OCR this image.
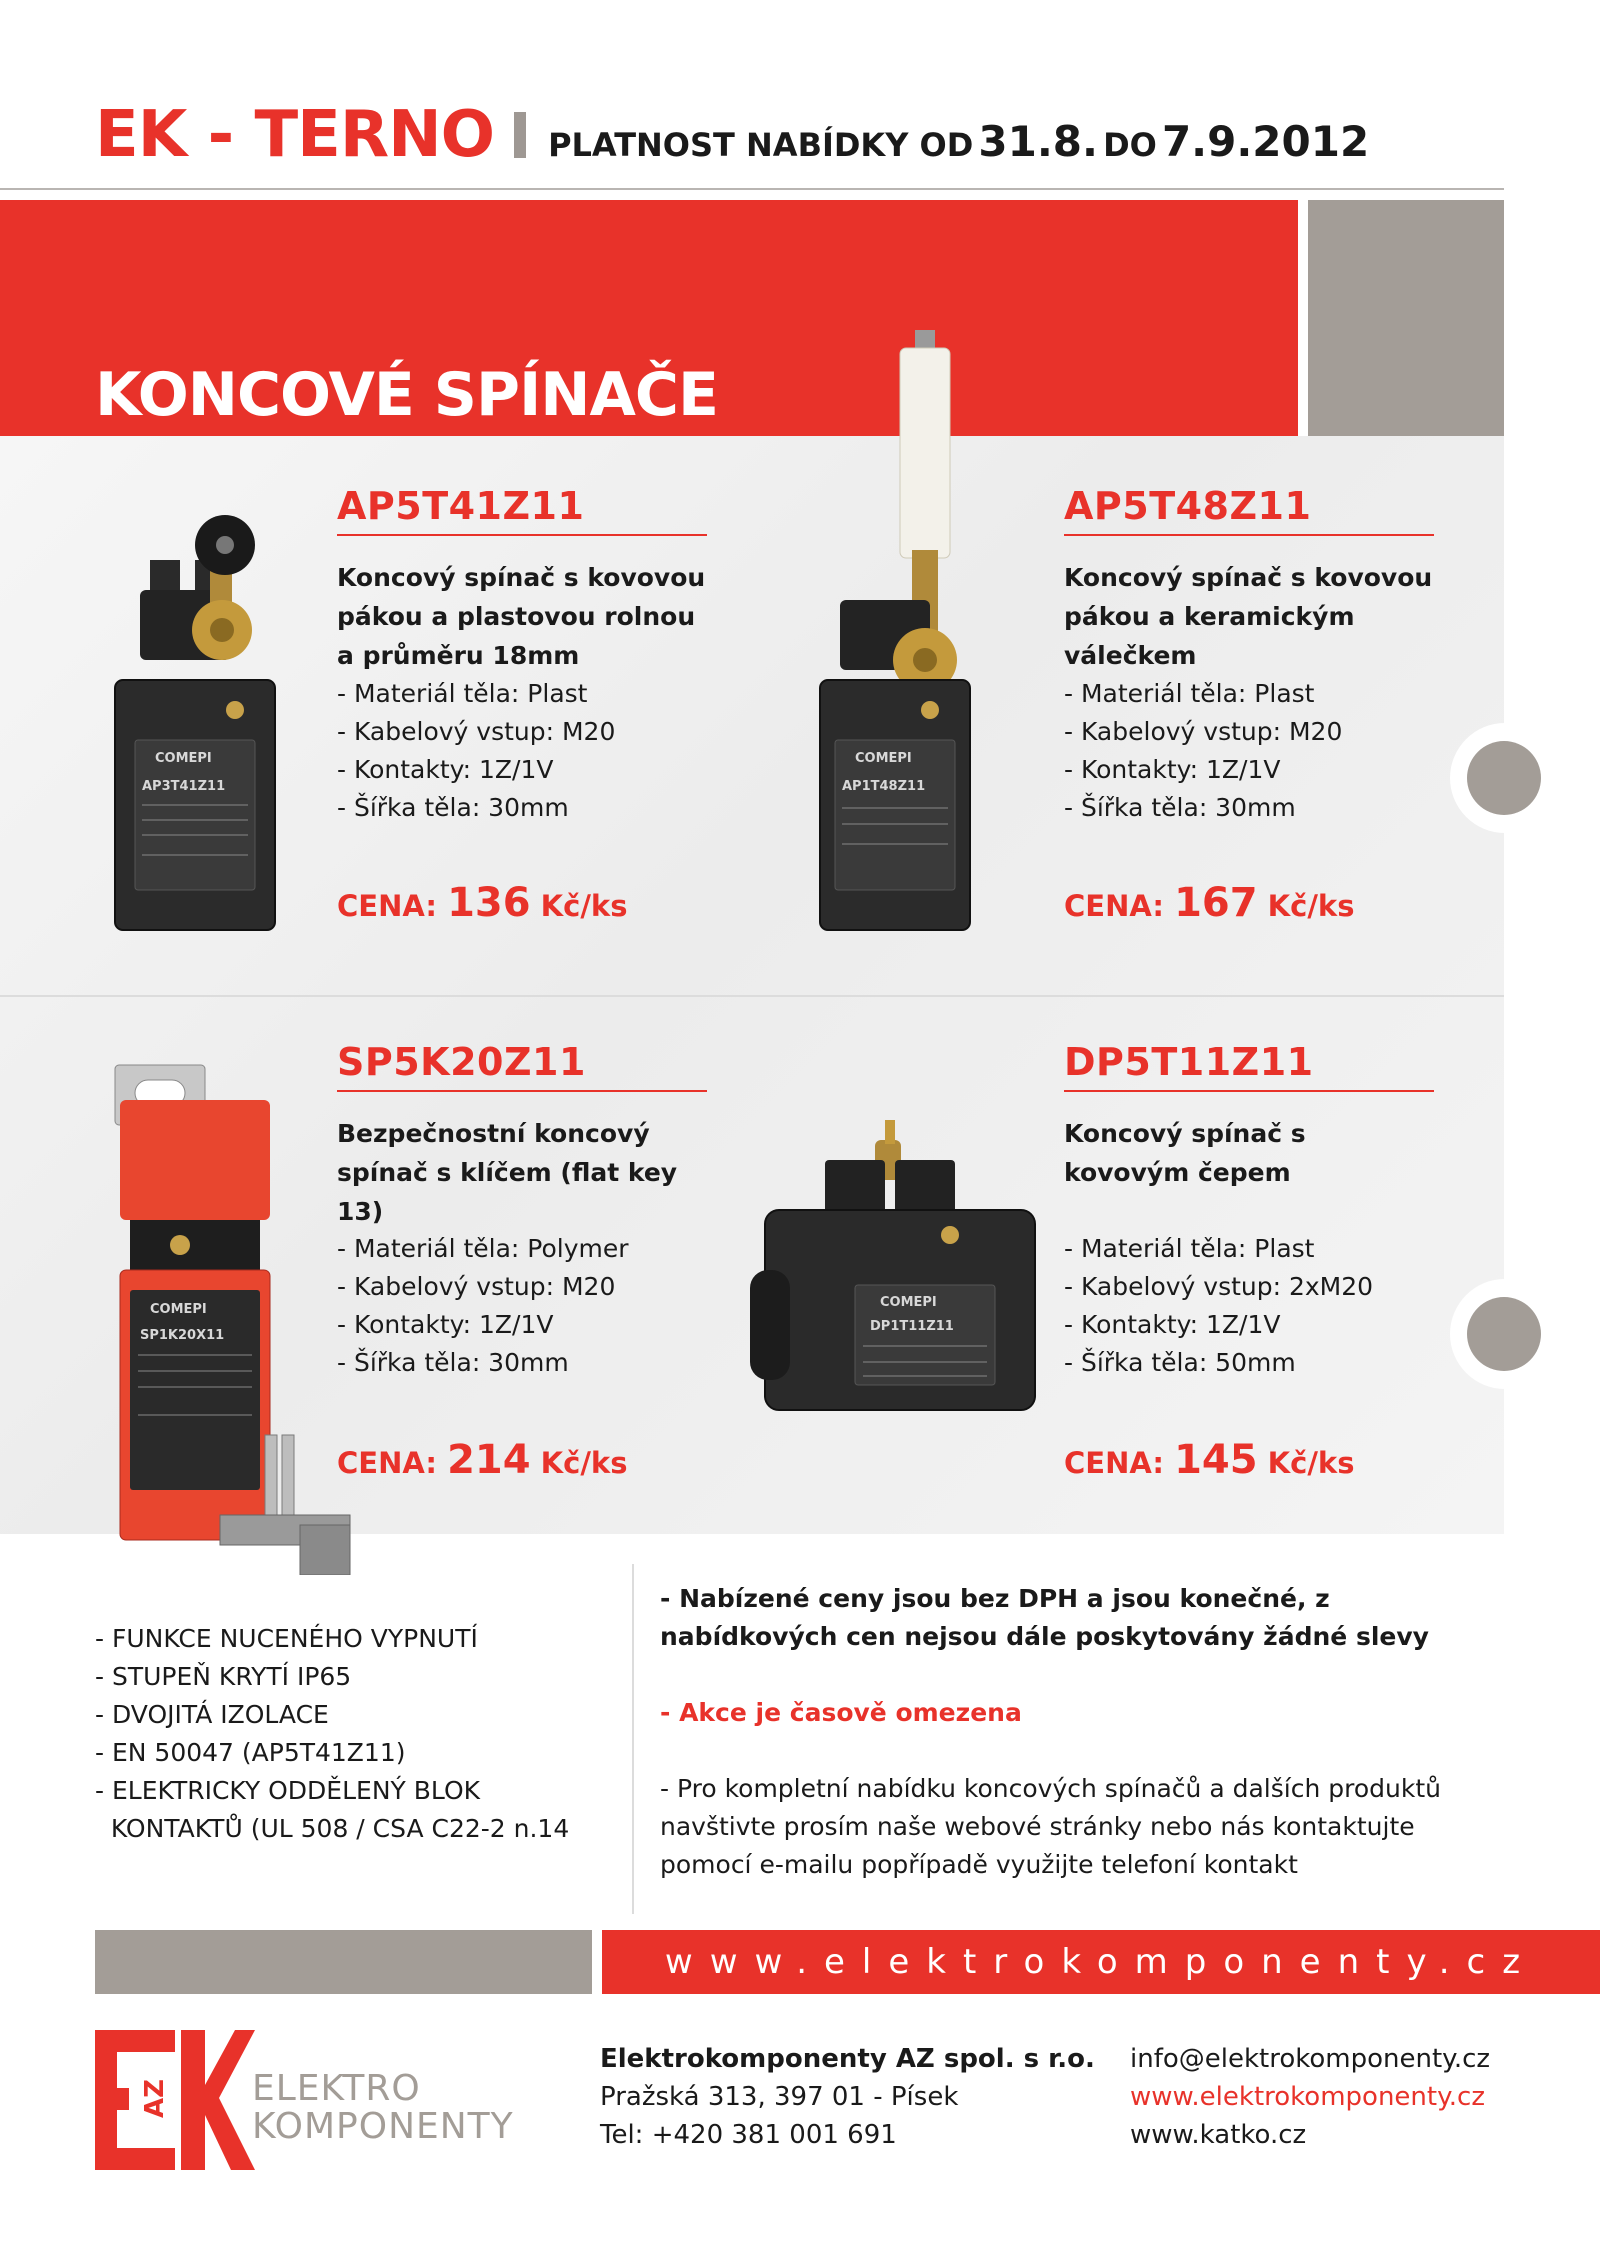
EK - TERNO PLATNOST NABÍDKY OD 31.8. DO 7.9.2012
KONCOVÉ SPÍNAČE
COMEPI
AP3T41Z11
COMEPI
AP1T48Z11
COMEPI
SP1K20X11
COMEPI
DP1T11Z11
AP5T41Z11
Koncový spínač s kovovou pákou a plastovou rolnou a průměru 18mm
- Materiál těla: Plast
- Kabelový vstup: M20
- Kontakty: 1Z/1V
- Šířka těla: 30mm
CENA: 136 Kč/ks
AP5T48Z11
Koncový spínač s kovovou pákou a keramickým válečkem
- Materiál těla: Plast
- Kabelový vstup: M20
- Kontakty: 1Z/1V
- Šířka těla: 30mm
CENA: 167 Kč/ks
SP5K20Z11
Bezpečnostní koncový spínač s klíčem (flat key 13)
- Materiál těla: Polymer
- Kabelový vstup: M20
- Kontakty: 1Z/1V
- Šířka těla: 30mm
CENA: 214 Kč/ks
DP5T11Z11
Koncový spínač s kovovým čepem
- Materiál těla: Plast
- Kabelový vstup: 2xM20
- Kontakty: 1Z/1V
- Šířka těla: 50mm
CENA: 145 Kč/ks
- FUNKCE NUCENÉHO VYPNUTÍ
- STUPEŇ KRYTÍ IP65
- DVOJITÁ IZOLACE
- EN 50047 (AP5T41Z11)
- ELEKTRICKY ODDĚLENÝ BLOK
KONTAKTŮ (UL 508 / CSA C22-2 n.14
- Nabízené ceny jsou bez DPH a jsou konečné, z nabídkových cen nejsou dále poskytovány žádné slevy
- Akce je časově omezena
- Pro kompletní nabídku koncových spínačů a dalších produktů navštivte prosím naše webové stránky nebo nás kontaktujte pomocí e-mailu popřípadě využijte telefoní kontakt
www.elektrokomponenty.cz
AZ ELEKTRO
KOMPONENTY
Elektrokomponenty AZ spol. s r.o.
Pražská 313, 397 01 - Písek
Tel: +420 381 001 691
info@elektrokomponenty.cz
www.elektrokomponenty.cz
www.katko.cz
